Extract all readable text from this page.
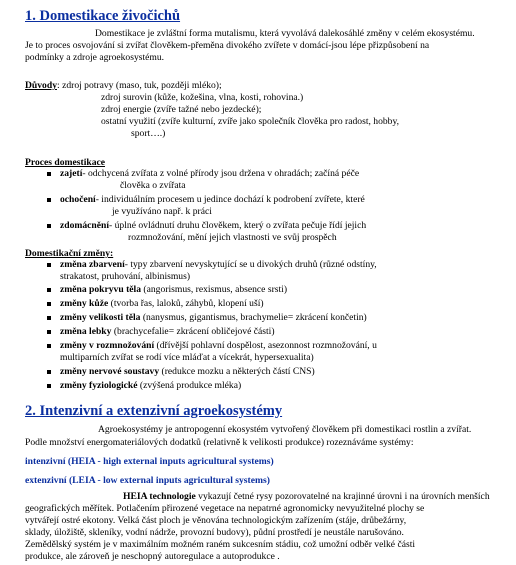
1. Domestikace živočichů
Domestikace je zvláštní forma mutalismu, která vyvolává dalekosáhlé změny v celém ekosystému.
Je to proces osvojování si zvířat člověkem-přeměna divokého zvířete v domácí-jsou lépe přizpůsobení na
podmínky a zdroje agroekosystému.
Důvody: zdroj potravy (maso, tuk, později mléko);
zdroj surovin (kůže, kožešina, vlna, kosti, rohovina.)
zdroj energie (zvíře tažné nebo jezdecké);
ostatní využití (zvíře kulturní, zvíře jako společník člověka pro radost, hobby,
sport….)
Proces domestikace
zajetí- odchycená zvířata z volné přírody jsou držena v ohradách; začíná péče
člověka o zvířata
ochočení- individuálním procesem u jedince dochází k podrobení zvířete, které
je využíváno např. k práci
zdomácnění- úplné ovládnutí druhu člověkem, který o zvířata pečuje řídí jejich
rozmnožování, mění jejich vlastnosti ve svůj prospěch
Domestikační změny:
změna zbarvení- typy zbarvení nevyskytující se u divokých druhů (různé odstíny,
strakatost, pruhování, albinismus)
změna pokryvu těla (angorismus, rexismus, absence srsti)
změny kůže (tvorba řas, laloků, záhybů, klopení uší)
změny velikosti těla (nanysmus, gigantismus, brachymelie= zkrácení končetin)
změna lebky (brachycefalie= zkrácení obličejové části)
změny v rozmnožování (dřívější pohlavní dospělost, asezonnost rozmnožování, u
multiparních zvířat se rodí více mláďat a vícekrát, hypersexualita)
změny nervové soustavy (redukce mozku a některých částí CNS)
změny fyziologické (zvýšená produkce mléka)
2. Intenzivní a extenzivní agroekosystémy
Agroekosystémy je antropogenní ekosystém vytvořený člověkem při domestikaci rostlin a zvířat.
Podle množství energomateriálových dodatků (relativně k velikosti produkce) rozeznáváme systémy:
intenzivní (HEIA - high external inputs agricultural systems)
extenzivní (LEIA - low external inputs agricultural systems)
HEIA technologie vykazují četné rysy pozorovatelné na krajinné úrovni i na úrovních menších
geografických měřítek. Potlačením přirozené vegetace na nepatrné agronomicky nevyužitelné plochy se
vytvářejí ostré ekotony. Velká část ploch je věnována technologickým zařízením (stáje, drůbežárny,
sklady, úložiště, skleníky, vodní nádrže, provozní budovy), půdní prostředí je neustále narušováno.
Zemědělský systém je v maximálním možném raném sukcesním stádiu, což umožní odběr velké části
produkce, ale zároveň je neschopný autoregulace a autoprodukce .
